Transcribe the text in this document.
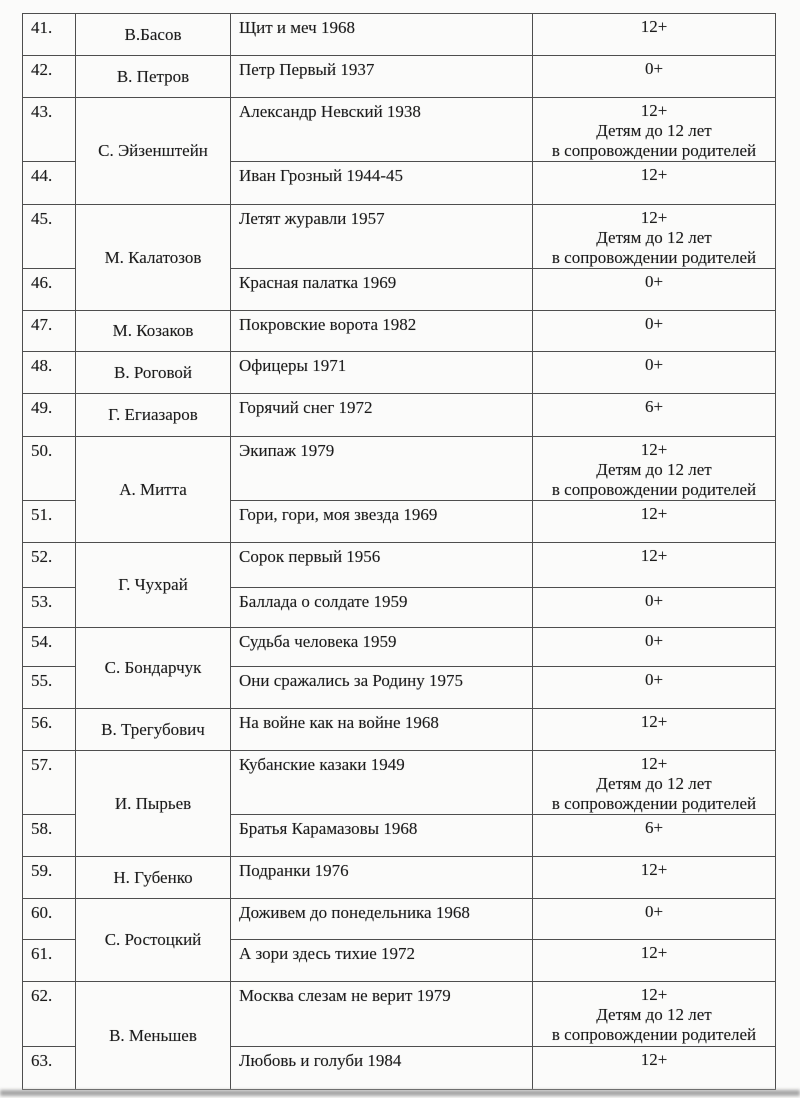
41.	В.Басов	Щит и меч 1968	12+
42.	В. Петров	Петр Первый 1937	0+
43.	С. Эйзенштейн	Александр Невский 1938	12+
Детям до 12 лет
в сопровождении родителей

44.		Иван Грозный 1944-45	12+
45.	М. Калатозов	Летят журавли 1957	12+
Детям до 12 лет
в сопровождении родителей

46.		Красная палатка 1969	0+
47.	М. Козаков	Покровские ворота 1982	0+
48.	В. Роговой	Офицеры 1971	0+
49.	Г. Егиазаров	Горячий снег 1972	6+
50.	А. Митта	Экипаж 1979	12+
Детям до 12 лет
в сопровождении родителей

51.		Гори, гори, моя звезда 1969	12+
52.	Г. Чухрай	Сорок первый 1956	12+
53.		Баллада о солдате 1959	0+
54.	С. Бондарчук	Судьба человека 1959	0+
55.		Они сражались за Родину 1975	0+
56.	В. Трегубович	На войне как на войне 1968	12+
57.	И. Пырьев	Кубанские казаки 1949	12+
Детям до 12 лет
в сопровождении родителей

58.		Братья Карамазовы 1968	6+
59.	Н. Губенко	Подранки 1976	12+
60.	С. Ростоцкий	Доживем до понедельника 1968	0+
61.		А зори здесь тихие 1972	12+
62.	В. Меньшев	Москва слезам не верит 1979	12+
Детям до 12 лет
в сопровождении родителей

63.		Любовь и голуби 1984	12+
